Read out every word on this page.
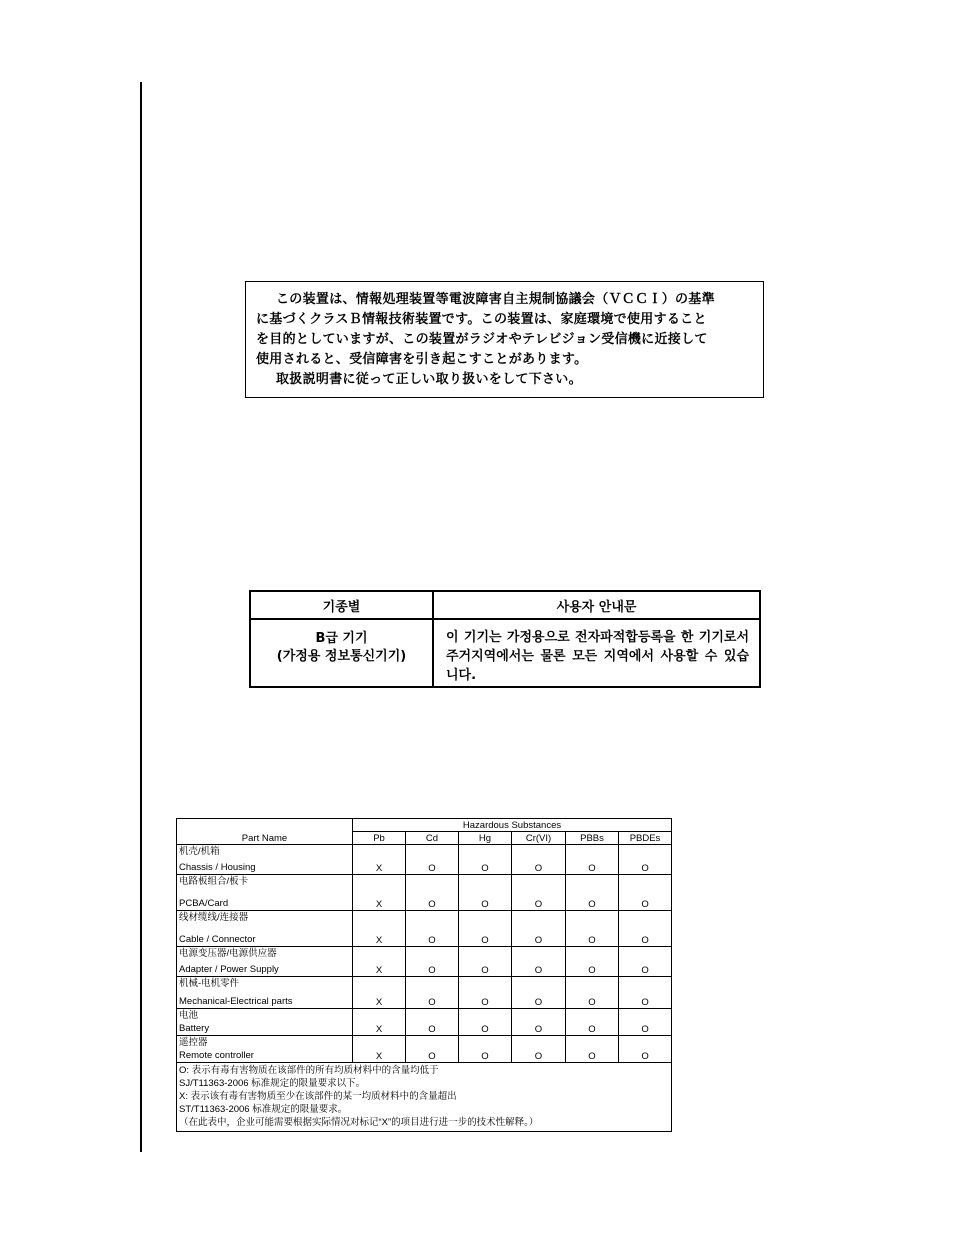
この装置は、情報処理装置等電波障害自主規制協議会（ＶＣＣＩ）の基準
に基づくクラスＢ情報技術装置です。この装置は、家庭環境で使用すること
を目的としていますが、この装置がラジオやテレビジョン受信機に近接して
使用されると、受信障害を引き起こすことがあります。
取扱説明書に従って正しい取り扱いをして下さい。
기종별	사용자 안내문
B급 기기
(가정용 정보통신기기)
이 기기는 가정용으로 전자파적합등록을 한 기기로서 주거지역에서는 물론 모든 지역에서 사용할 수 있습니다.
Part Name	Hazardous Substances					
	Pb	Cd	Hg	Cr(VI)	PBBs	PBDEs

机壳/机箱
Chassis / Housing	X	O	O	O	O	O

电路板组合/板卡
PCBA/Card	X	O	O	O	O	O

线材缆线/连接器
Cable / Connector	X	O	O	O	O	O

电源变压器/电源供应器
Adapter / Power Supply	X	O	O	O	O	O

机械-电机零件
Mechanical-Electrical parts	X	O	O	O	O	O

电池
Battery	X	O	O	O	O	O

遥控器
Remote controller	X	O	O	O	O	O

O: 表示有毒有害物质在该部件的所有均质材料中的含量均低于
SJ/T11363-2006 标准规定的限量要求以下。
X: 表示该有毒有害物质至少在该部件的某一均质材料中的含量超出
ST/T11363-2006 标准规定的限量要求。
（在此表中，企业可能需要根据实际情况对标记“X”的项目进行进一步的技术性解释。）						
